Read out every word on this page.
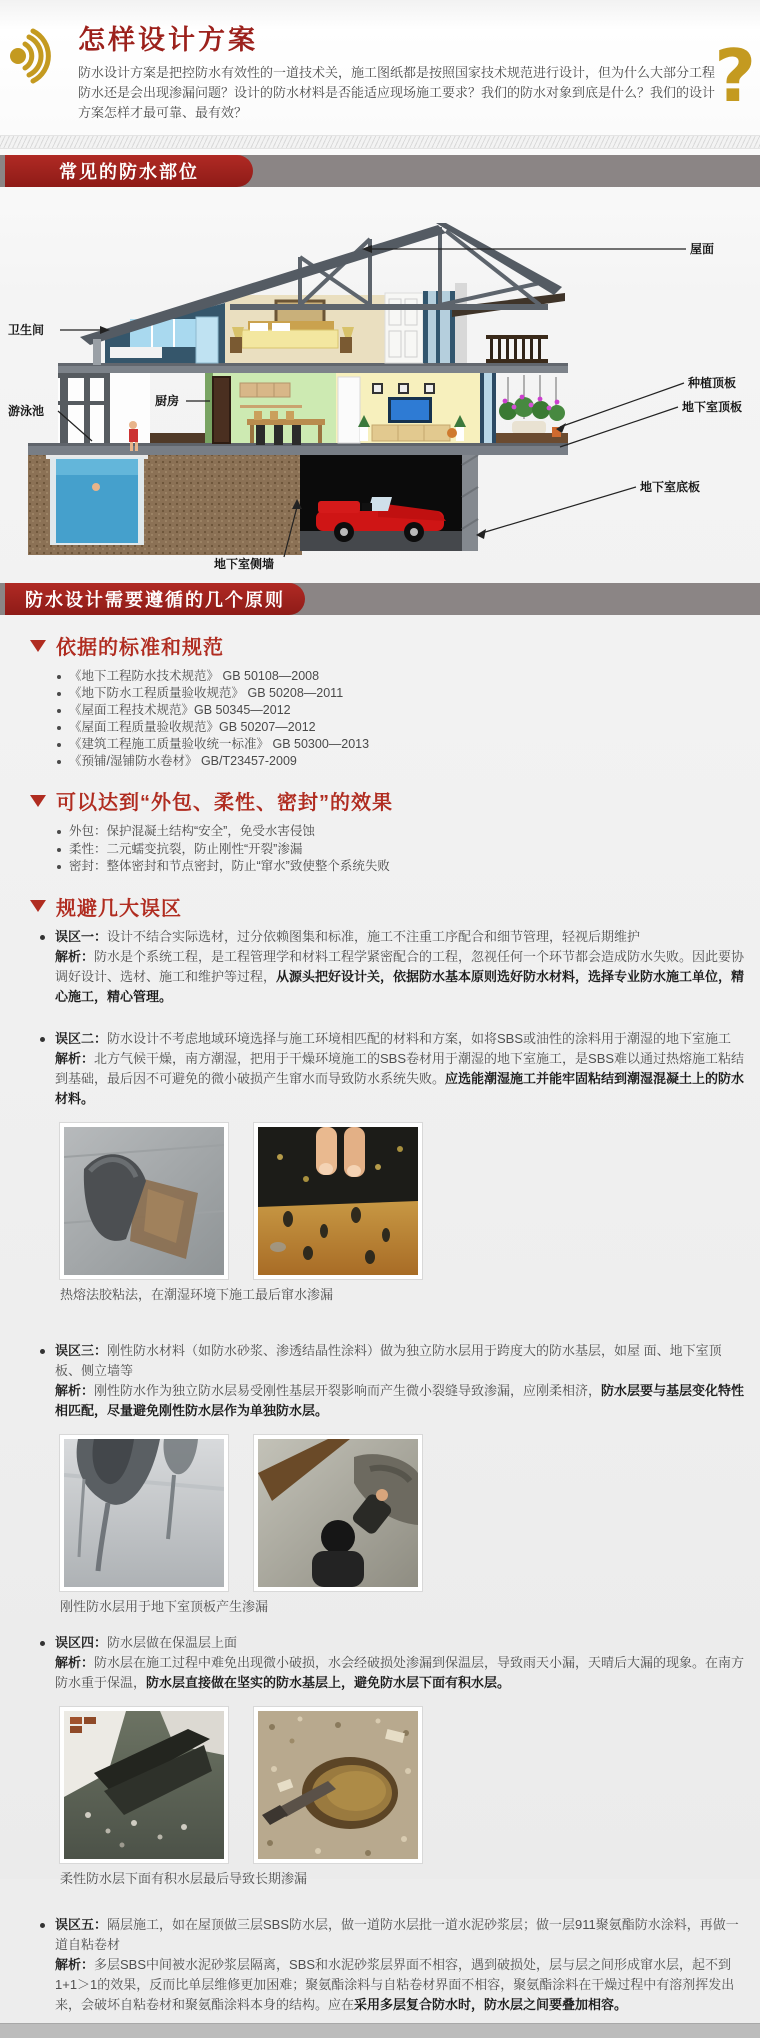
怎样设计方案

防水设计方案是把控防水有效性的一道技术关，施工图纸都是按照国家技术规范进行设计，但为什么大部分工程防水还是会出现渗漏问题？设计的防水材料是否能适应现场施工要求？我们的防水对象到底是什么？我们的设计方案怎样才最可靠、最有效？	?
常见的防水部位
屋面
卫生间
游泳池
厨房
种植顶板
地下室顶板
地下室底板
地下室侧墙
防水设计需要遵循的几个原则
依据的标准和规范
《地下工程防水技术规范》 GB 50108—2008
《地下防水工程质量验收规范》 GB 50208—2011
《屋面工程技术规范》GB 50345—2012
《屋面工程质量验收规范》GB 50207—2012
《建筑工程施工质量验收统一标准》 GB 50300—2013
《预铺/湿铺防水卷材》 GB/T23457-2009
可以达到“外包、柔性、密封”的效果
外包：保护混凝土结构“安全”，免受水害侵蚀
柔性：二元蠕变抗裂，防止刚性“开裂”渗漏
密封：整体密封和节点密封，防止“窜水”致使整个系统失败
规避几大误区

误区一：设计不结合实际选材，过分依赖图集和标准，施工不注重工序配合和细节管理，轻视后期维护

解析：防水是个系统工程，是工程管理学和材料工程学紧密配合的工程，忽视任何一个环节都会造成防水失败。因此要协调好设计、选材、施工和维护等过程，从源头把好设计关，依据防水基本原则选好防水材料，选择专业防水施工单位，精心施工，精心管理。

误区二：防水设计不考虑地域环境选择与施工环境相匹配的材料和方案，如将SBS或油性的涂料用于潮湿的地下室施工

解析：北方气候干燥，南方潮湿，把用于干燥环境施工的SBS卷材用于潮湿的地下室施工，是SBS难以通过热熔施工粘结到基础，最后因不可避免的微小破损产生窜水而导致防水系统失败。应选能潮湿施工并能牢固粘结到潮湿混凝土上的防水材料。

热熔法胶粘法，在潮湿环境下施工最后窜水渗漏

误区三：刚性防水材料（如防水砂浆、渗透结晶性涂料）做为独立防水层用于跨度大的防水基层，如屋 面、地下室顶板、侧立墙等

解析：刚性防水作为独立防水层易受刚性基层开裂影响而产生微小裂缝导致渗漏，应刚柔相济，防水层要与基层变化特性相匹配，尽量避免刚性防水层作为单独防水层。

刚性防水层用于地下室顶板产生渗漏

误区四：防水层做在保温层上面

解析：防水层在施工过程中难免出现微小破损，水会经破损处渗漏到保温层，导致雨天小漏，天晴后大漏的现象。在南方防水重于保温，防水层直接做在坚实的防水基层上，避免防水层下面有积水层。

柔性防水层下面有积水层最后导致长期渗漏

误区五：隔层施工，如在屋顶做三层SBS防水层，做一道防水层批一道水泥砂浆层；做一层911聚氨酯防水涂料，再做一道自粘卷材

解析：多层SBS中间被水泥砂浆层隔离，SBS和水泥砂浆层界面不相容，遇到破损处，层与层之间形成窜水层，起不到1+1＞1的效果，反而比单层维修更加困难；聚氨酯涂料与自粘卷材界面不相容，聚氨酯涂料在干燥过程中有溶剂挥发出来，会破坏自粘卷材和聚氨酯涂料本身的结构。应在采用多层复合防水时，防水层之间要叠加相容。
